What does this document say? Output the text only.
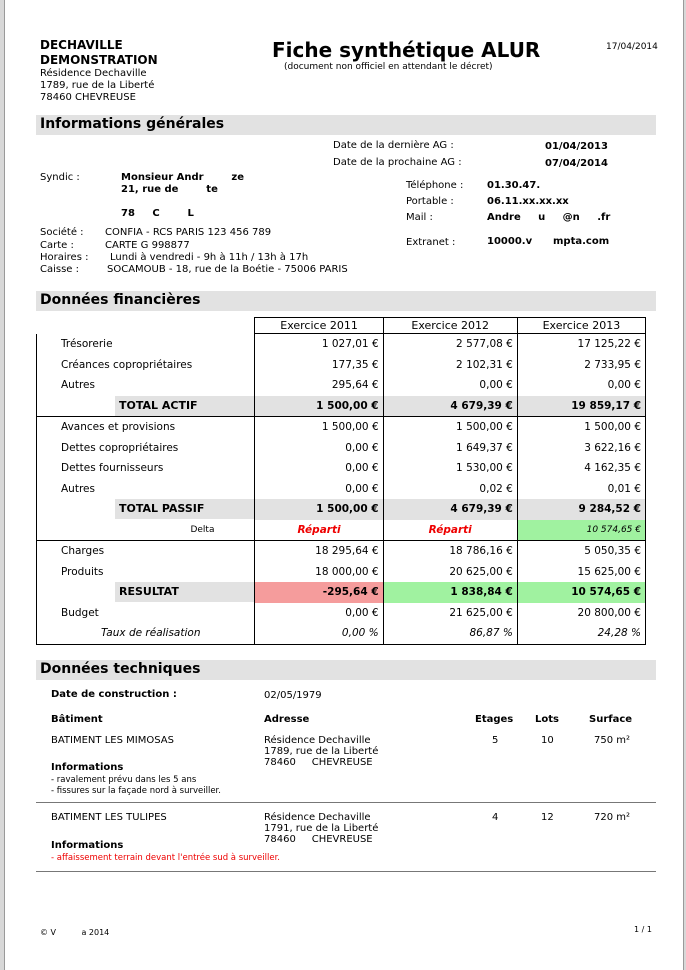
DECHAVILLE
DEMONSTRATION
Résidence Dechaville
1789, rue de la Liberté
78460 CHEVREUSE
Fiche synthétique ALUR
(document non officiel en attendant le décret)
17/04/2014
Informations générales
Date de la dernière AG :	01/04/2013
Date de la prochaine AG :	07/04/2014
Syndic :	Monsieur Andr        ze
21, rue de        te
78     C        L
Téléphone : 01.30.47.
Portable :	06.11.xx.xx.xx
Mail :	Andre     u     @n     .fr
Extranet :	10000.v      mpta.com
Société : CONFIA - RCS PARIS 123 456 789
Carte :	CARTE G 998877
Horaires : Lundi à vendredi - 9h à 11h / 13h à 17h
Caisse :	SOCAMOUB - 18, rue de la Boétie - 75006 PARIS
Données financières
	Exercice 2011	Exercice 2012	Exercice 2013
Trésorerie	1 027,01 €	2 577,08 €	17 125,22 €
Créances copropriétaires	177,35 €	2 102,31 €	2 733,95 €
Autres	295,64 €	0,00 €	0,00 €

TOTAL ACTIF	1 500,00 €	4 679,39 €	19 859,17 €
Avances et provisions	1 500,00 €	1 500,00 €	1 500,00 €
Dettes copropriétaires	0,00 €	1 649,37 €	3 622,16 €
Dettes fournisseurs	0,00 €	1 530,00 €	4 162,35 €
Autres	0,00 €	0,02 €	0,01 €

TOTAL PASSIF	1 500,00 €	4 679,39 €	9 284,52 €
Delta	Réparti	Réparti	10 574,65 €
Charges	18 295,64 €	18 786,16 €	5 050,35 €
Produits	18 000,00 €	20 625,00 €	15 625,00 €

RESULTAT	-295,64 €	1 838,84 €	10 574,65 €
Budget	0,00 €	21 625,00 €	20 800,00 €
Taux de réalisation	0,00 %	86,87 %	24,28 %
Données techniques
Date de construction :	02/05/1979
Bâtiment	Adresse	Etages Lots	Surface
BATIMENT LES MIMOSAS	Résidence Dechaville
1789, rue de la Liberté
78460     CHEVREUSE
5	10	750 m²
Informations
- ravalement prévu dans les 5 ans
- fissures sur la façade nord à surveiller.
BATIMENT LES TULIPES	Résidence Dechaville
1791, rue de la Liberté
78460     CHEVREUSE
4	12	720 m²
Informations
- affaissement terrain devant l'entrée sud à surveiller.
© V          a 2014	1 / 1
